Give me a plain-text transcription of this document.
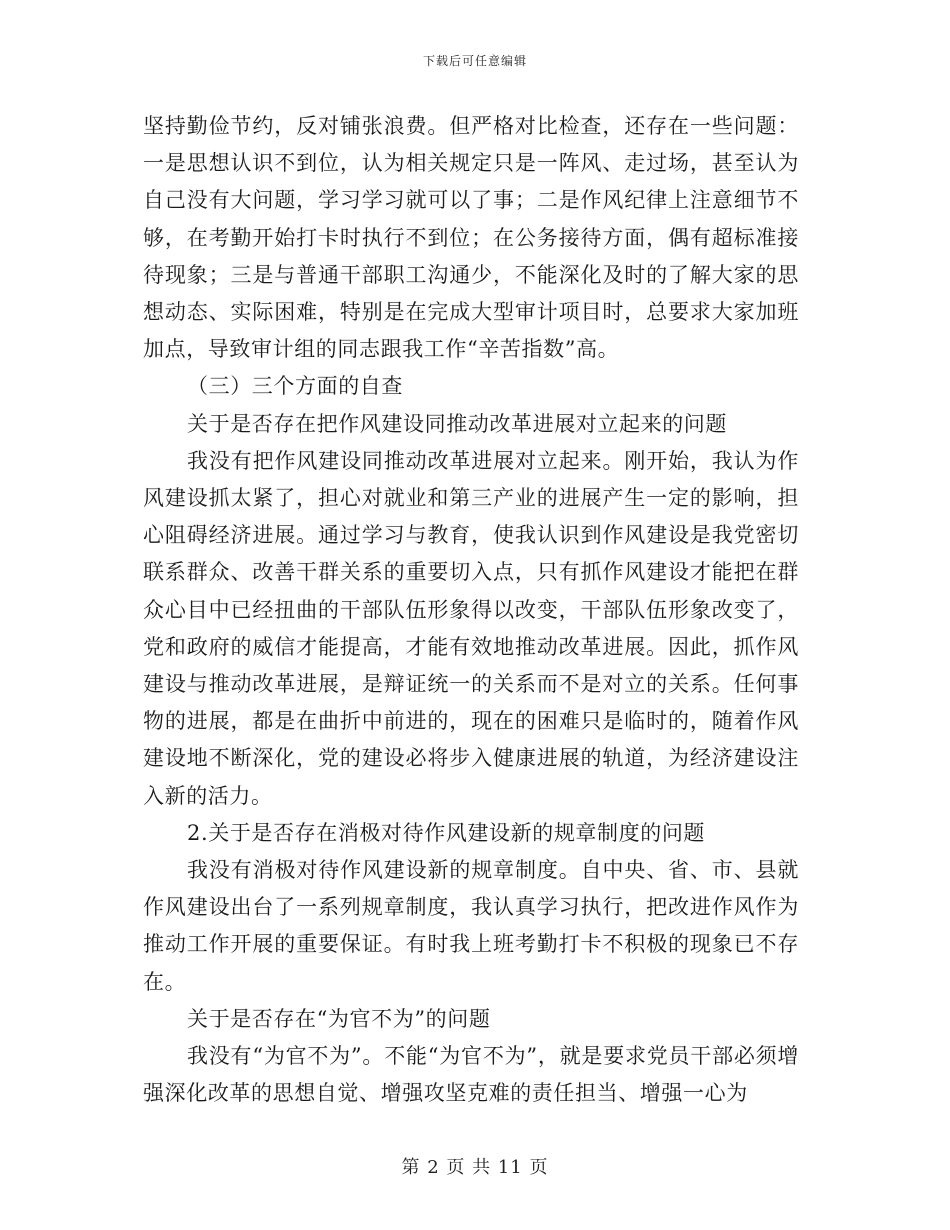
下载后可任意编辑

坚持勤俭节约，反对铺张浪费。但严格对比检查，还存在一些问题：一是思想认识不到位，认为相关规定只是一阵风、走过场，甚至认为自己没有大问题，学习学习就可以了事；二是作风纪律上注意细节不够，在考勤开始打卡时执行不到位；在公务接待方面，偶有超标准接待现象；三是与普通干部职工沟通少，不能深化及时的了解大家的思想动态、实际困难，特别是在完成大型审计项目时，总要求大家加班加点，导致审计组的同志跟我工作“辛苦指数”高。

（三）三个方面的自查

关于是否存在把作风建设同推动改革进展对立起来的问题

我没有把作风建设同推动改革进展对立起来。刚开始，我认为作风建设抓太紧了，担心对就业和第三产业的进展产生一定的影响，担心阻碍经济进展。通过学习与教育，使我认识到作风建设是我党密切联系群众、改善干群关系的重要切入点，只有抓作风建设才能把在群众心目中已经扭曲的干部队伍形象得以改变，干部队伍形象改变了，党和政府的威信才能提高，才能有效地推动改革进展。因此，抓作风建设与推动改革进展，是辩证统一的关系而不是对立的关系。任何事物的进展，都是在曲折中前进的，现在的困难只是临时的，随着作风建设地不断深化，党的建设必将步入健康进展的轨道，为经济建设注入新的活力。

2.关于是否存在消极对待作风建设新的规章制度的问题

我没有消极对待作风建设新的规章制度。自中央、省、市、县就作风建设出台了一系列规章制度，我认真学习执行，把改进作风作为推动工作开展的重要保证。有时我上班考勤打卡不积极的现象已不存在。

关于是否存在“为官不为”的问题

我没有“为官不为”。不能“为官不为”，就是要求党员干部必须增强深化改革的思想自觉、增强攻坚克难的责任担当、增强一心为

第 2 页 共 11 页
